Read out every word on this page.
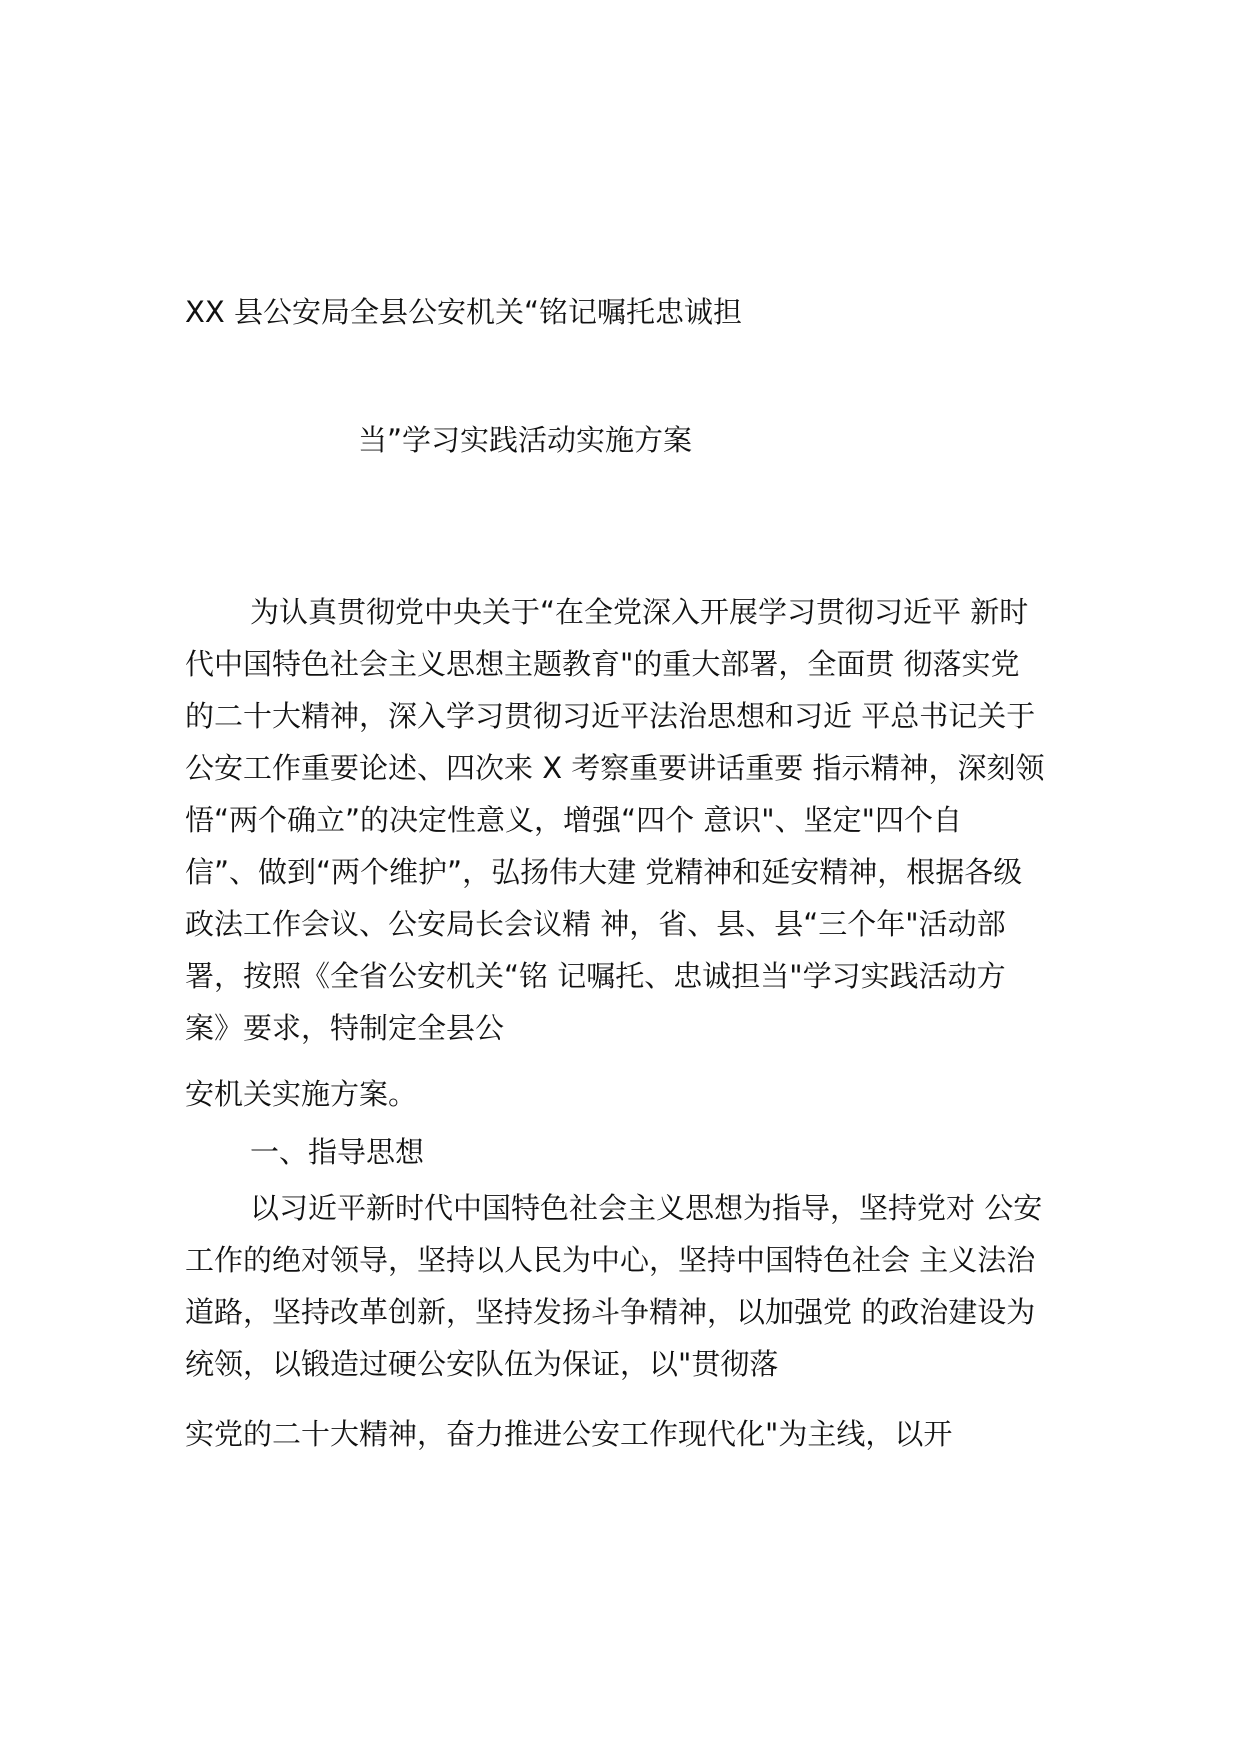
XX 县公安局全县公安机关“铭记嘱托忠诚担
当”学习实践活动实施方案
为认真贯彻党中央关于“在全党深入开展学习贯彻习近平 新时
代中国特色社会主义思想主题教育"的重大部署，全面贯 彻落实党
的二十大精神，深入学习贯彻习近平法治思想和习近 平总书记关于
公安工作重要论述、四次来 X 考察重要讲话重要 指示精神，深刻领
悟“两个确立”的决定性意义，增强“四个 意识"、坚定"四个自
信”、做到“两个维护”，弘扬伟大建 党精神和延安精神，根据各级
政法工作会议、公安局长会议精 神，省、县、县“三个年"活动部
署，按照《全省公安机关“铭 记嘱托、忠诚担当"学习实践活动方
案》要求，特制定全县公
安机关实施方案。
一、指导思想
以习近平新时代中国特色社会主义思想为指导，坚持党对 公安
工作的绝对领导，坚持以人民为中心，坚持中国特色社会 主义法治
道路，坚持改革创新，坚持发扬斗争精神，以加强党 的政治建设为
统领，以锻造过硬公安队伍为保证，以"贯彻落
实党的二十大精神，奋力推进公安工作现代化"为主线，以开
